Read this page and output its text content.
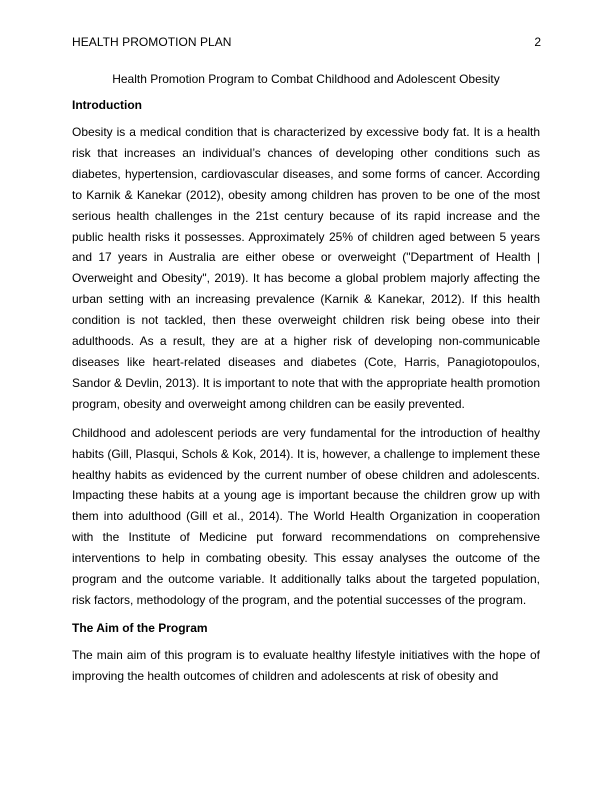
HEALTH PROMOTION PLAN	2

Health Promotion Program to Combat Childhood and Adolescent Obesity

Introduction

Obesity is a medical condition that is characterized by excessive body fat. It is a health risk that increases an individual’s chances of developing other conditions such as diabetes, hypertension, cardiovascular diseases, and some forms of cancer. According to Karnik & Kanekar (2012), obesity among children has proven to be one of the most serious health challenges in the 21st century because of its rapid increase and the public health risks it possesses. Approximately 25% of children aged between 5 years and 17 years in Australia are either obese or overweight ("Department of Health | Overweight and Obesity", 2019). It has become a global problem majorly affecting the urban setting with an increasing prevalence (Karnik & Kanekar, 2012). If this health condition is not tackled, then these overweight children risk being obese into their adulthoods. As a result, they are at a higher risk of developing non-communicable diseases like heart-related diseases and diabetes (Cote, Harris, Panagiotopoulos, Sandor & Devlin, 2013). It is important to note that with the appropriate health promotion program, obesity and overweight among children can be easily prevented.

Childhood and adolescent periods are very fundamental for the introduction of healthy habits (Gill, Plasqui, Schols & Kok, 2014). It is, however, a challenge to implement these healthy habits as evidenced by the current number of obese children and adolescents. Impacting these habits at a young age is important because the children grow up with them into adulthood (Gill et al., 2014). The World Health Organization in cooperation with the Institute of Medicine put forward recommendations on comprehensive interventions to help in combating obesity. This essay analyses the outcome of the program and the outcome variable. It additionally talks about the targeted population, risk factors, methodology of the program, and the potential successes of the program.

The Aim of the Program

The main aim of this program is to evaluate healthy lifestyle initiatives with the hope of improving the health outcomes of children and adolescents at risk of obesity and
